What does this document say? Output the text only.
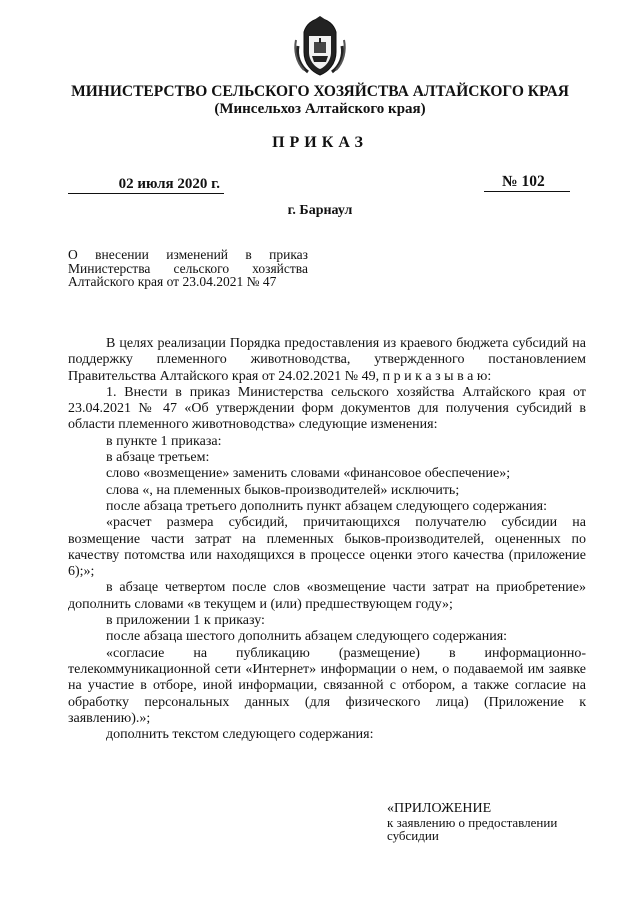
МИНИСТЕРСТВО СЕЛЬСКОГО ХОЗЯЙСТВА АЛТАЙСКОГО КРАЯ
(Минсельхоз Алтайского края)
ПРИКАЗ
02 июля 2020 г.	№ 102
г. Барнаул
О внесении изменений в приказ
Министерства сельского хозяйства
Алтайского края от 23.04.2021 № 47

В целях реализации Порядка предоставления из краевого бюджета субсидий на поддержку племенного животноводства, утвержденного постановлением Правительства Алтайского края от 24.02.2021 № 49, п р и к а з ы в а ю:

1. Внести в приказ Министерства сельского хозяйства Алтайского края от 23.04.2021 № 47 «Об утверждении форм документов для получения субсидий в области племенного животноводства» следующие изменения:

в пункте 1 приказа:

в абзаце третьем:

слово «возмещение» заменить словами «финансовое обеспечение»;

слова «, на племенных быков-производителей» исключить;

после абзаца третьего дополнить пункт абзацем следующего содержания:

«расчет размера субсидий, причитающихся получателю субсидии на возмещение части затрат на племенных быков-производителей, оцененных по качеству потомства или находящихся в процессе оценки этого качества (приложение 6);»;

в абзаце четвертом после слов «возмещение части затрат на приобретение» дополнить словами «в текущем и (или) предшествующем году»;

в приложении 1 к приказу:

после абзаца шестого дополнить абзацем следующего содержания:

«согласие на публикацию (размещение) в информационно-телекоммуникационной сети «Интернет» информации о нем, о подаваемой им заявке на участие в отборе, иной информации, связанной с отбором, а также согласие на обработку персональных данных (для физического лица) (Приложение к заявлению).»;

дополнить текстом следующего содержания:

«ПРИЛОЖЕНИЕ
к заявлению о предоставлении
субсидии
